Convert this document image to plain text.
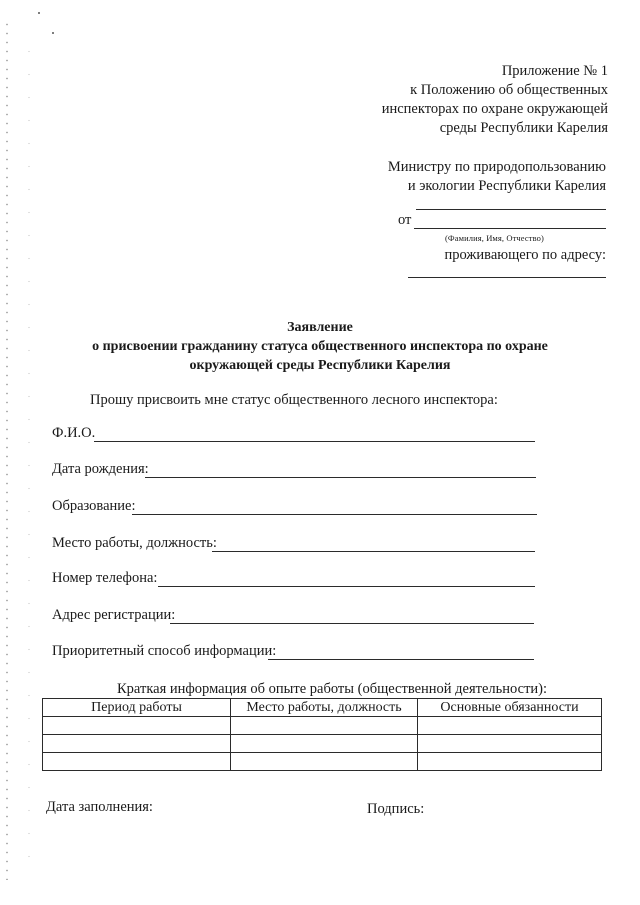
Приложение № 1
к Положению об общественных
инспекторах по охране окружающей
среды Республики Карелия
Министру по природопользованию
и экологии Республики Карелия
от
(Фамилия, Имя, Отчество)
проживающего по адресу:
Заявление
о присвоении гражданину статуса общественного инспектора по охране
окружающей среды Республики Карелия
Прошу присвоить мне статус общественного лесного инспектора:
Ф.И.О.
Дата рождения:
Образование:
Место работы, должность:
Номер телефона:
Адрес регистрации:
Приоритетный способ информации:
Краткая информация об опыте работы (общественной деятельности):
Период работы	Место работы, должность	Основные обязанности

Дата заполнения:	Подпись:
